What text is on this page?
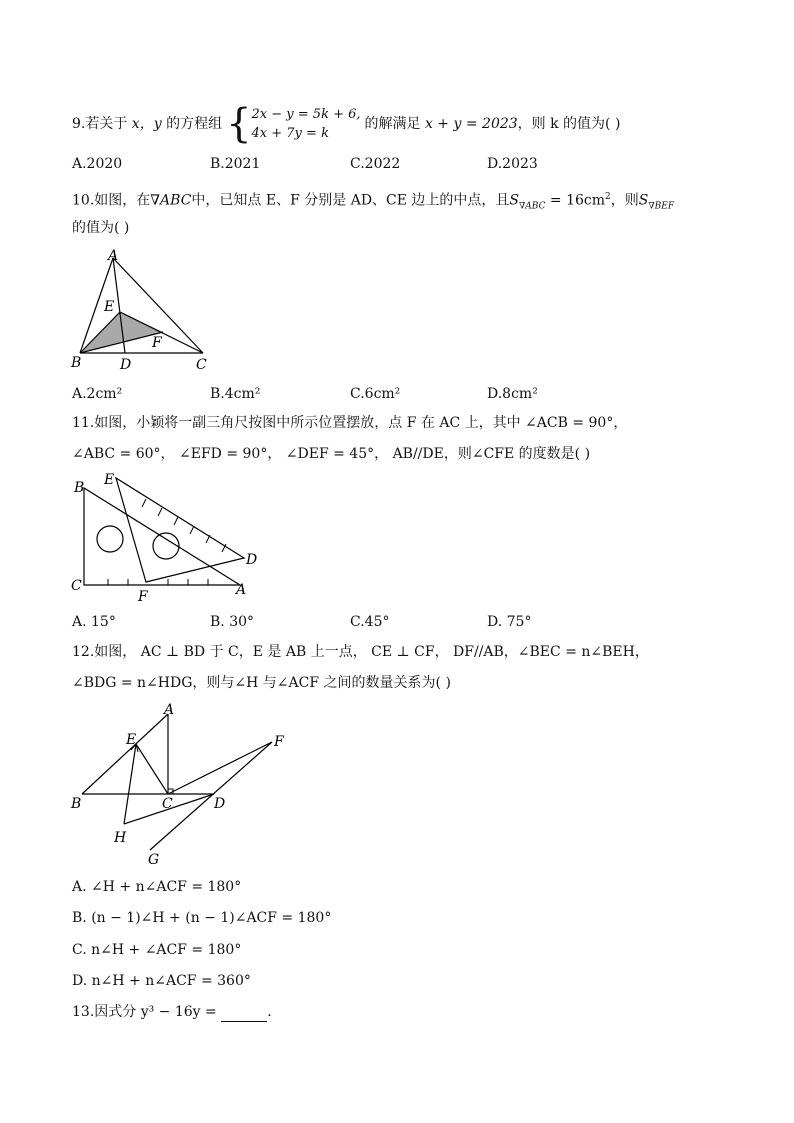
9.若关于 x，y 的方程组 {2x − y = 5k + 6,
4x + 7y = k的解满足 x + y = 2023，则 k 的值为( )
A.2020	B.2021	C.2022	D.2023
10.如图，在∇ABC中，已知点 E、F 分别是 AD、CE 边上的中点，且$S_{\nabla ABC} = 16cm^2$，则$S_{\nabla BEF}$
的值为( )
A
B	C
D
E
F
A.2cm²	B.4cm²	C.6cm²	D.8cm²
11.如图，小颖将一副三角尺按图中所示位置摆放，点 F 在 AC 上，其中 ∠ACB = 90°，
∠ABC = 60°， ∠EFD = 90°， ∠DEF = 45°， AB//DE，则∠CFE 的度数是( )
B
C	A
D
E
F
A. 15°	B. 30°	C.45°	D. 75°
12.如图， AC ⊥ BD 于 C，E 是 AB 上一点， CE ⊥ CF， DF//AB，∠BEC = n∠BEH，
∠BDG = n∠HDG，则与∠H 与∠ACF 之间的数量关系为( )
A
B	C	D
E	F
G
H
A. ∠H + n∠ACF = 180°
B. (n − 1)∠H + (n − 1)∠ACF = 180°
C. n∠H + ∠ACF = 180°
D. n∠H + n∠ACF = 360°
13.因式分 y³ − 16y =	.
